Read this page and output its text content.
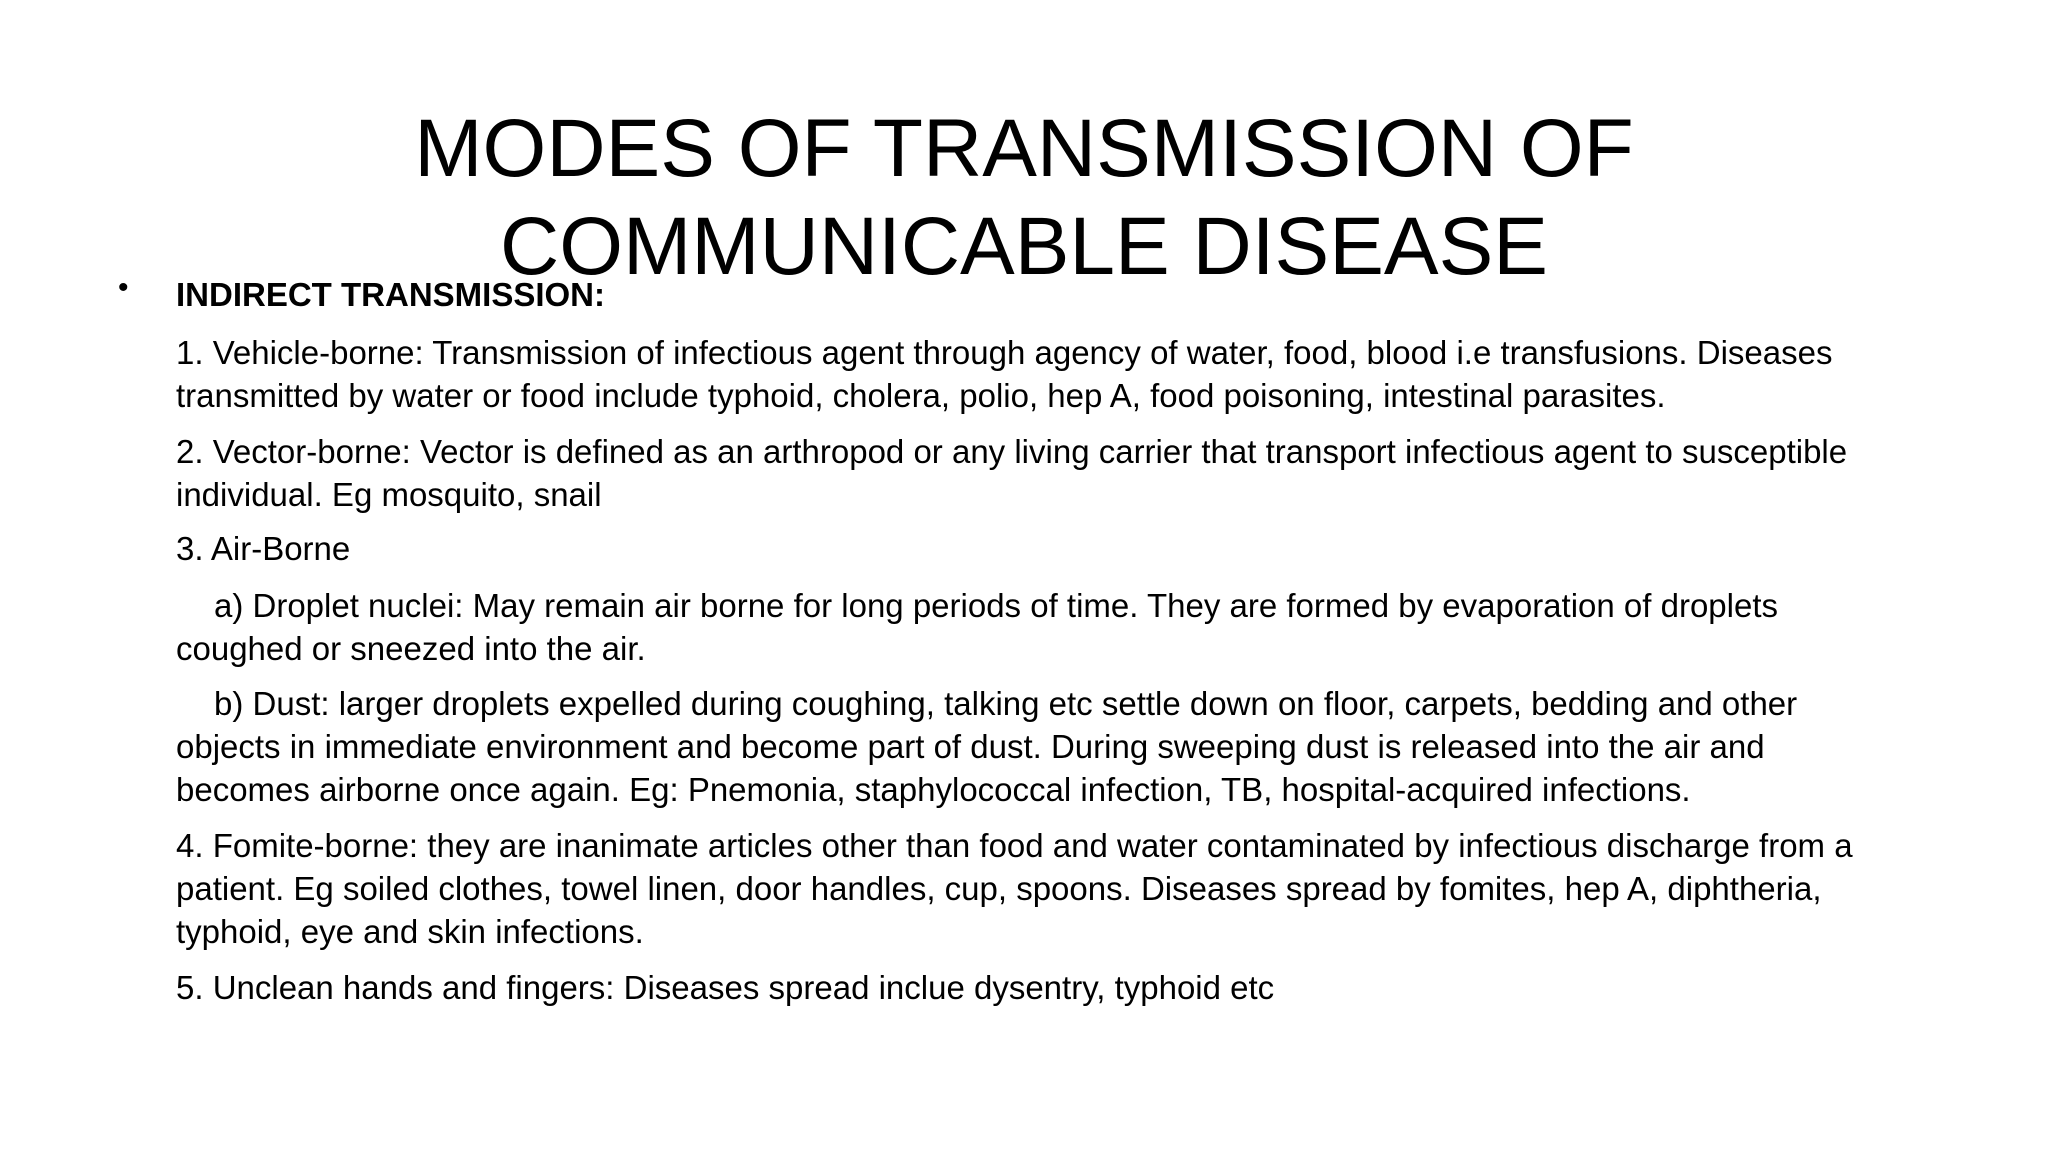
MODES OF TRANSMISSION OF
COMMUNICABLE DISEASE
• INDIRECT TRANSMISSION:

1. Vehicle-borne: Transmission of infectious agent through agency of water, food, blood i.e transfusions. Diseases
transmitted by water or food include typhoid, cholera, polio, hep A, food poisoning, intestinal parasites.

2. Vector-borne: Vector is defined as an arthropod or any living carrier that transport infectious agent to susceptible
individual. Eg mosquito, snail

3. Air-Borne

a) Droplet nuclei: May remain air borne for long periods of time. They are formed by evaporation of droplets
coughed or sneezed into the air.

b) Dust: larger droplets expelled during coughing, talking etc settle down on floor, carpets, bedding and other
objects in immediate environment and become part of dust. During sweeping dust is released into the air and
becomes airborne once again. Eg: Pnemonia, staphylococcal infection, TB, hospital-acquired infections.

4. Fomite-borne: they are inanimate articles other than food and water contaminated by infectious discharge from a
patient. Eg soiled clothes, towel linen, door handles, cup, spoons. Diseases spread by fomites, hep A, diphtheria,
typhoid, eye and skin infections.

5. Unclean hands and fingers: Diseases spread inclue dysentry, typhoid etc
